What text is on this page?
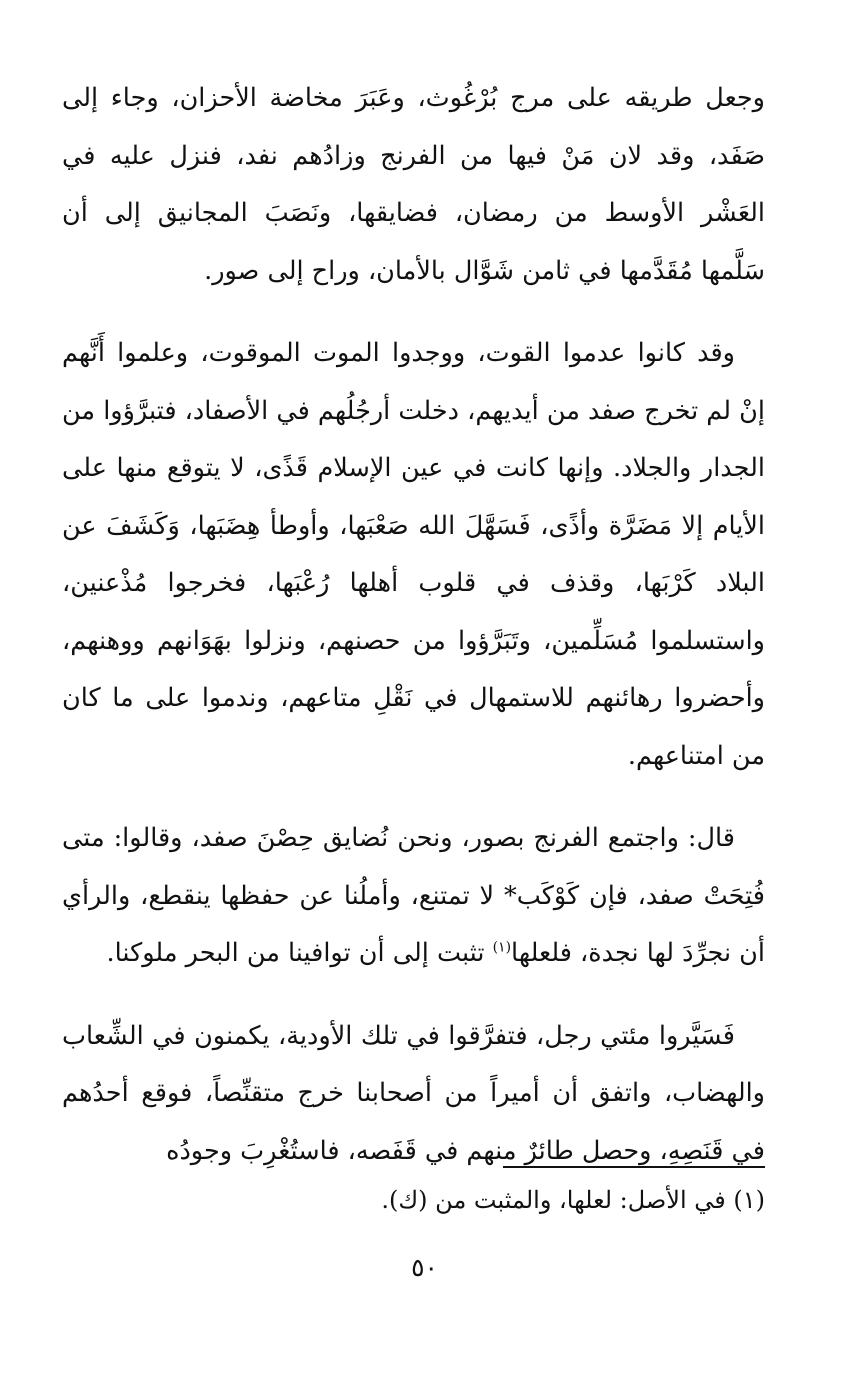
وجعل طريقه على مرج بُرْغُوث، وعَبَرَ مخاضة الأحزان، وجاء إلى صَفَد، وقد لان مَنْ فيها من الفرنج وزادُهم نفد، فنزل عليه في العَشْر الأوسط من رمضان، فضايقها، ونَصَبَ المجانيق إلى أن سَلَّمها مُقَدَّمها في ثامن شَوَّال بالأمان، وراح إلى صور.

وقد كانوا عدموا القوت، ووجدوا الموت الموقوت، وعلموا أَنَّهم إنْ لم تخرج صفد من أيديهم، دخلت أرجُلُهم في الأصفاد، فتبرَّؤوا من الجدار والجلاد. وإنها كانت في عين الإسلام قَذًى، لا يتوقع منها على الأيام إلا مَضَرَّة وأذًى، فَسَهَّلَ الله صَعْبَها، وأوطأ هِضَبَها، وَكَشَفَ عن البلاد كَرْبَها، وقذف في قلوب أهلها رُعْبَها، فخرجوا مُذْعنين، واستسلموا مُسَلِّمين، وتَبَرَّؤوا من حصنهم، ونزلوا بهَوَانهم ووهنهم، وأحضروا رهائنهم للاستمهال في نَقْلِ متاعهم، وندموا على ما كان من امتناعهم.

قال: واجتمع الفرنج بصور، ونحن نُضايق حِصْنَ صفد، وقالوا: متى فُتِحَتْ صفد، فإن كَوْكَب* لا تمتنع، وأملُنا عن حفظها ينقطع، والرأي أن نجرِّدَ لها نجدة، فلعلها$^{(١)}$ تثبت إلى أن توافينا من البحر ملوكنا.

فَسَيَّروا مئتي رجل، فتفرَّقوا في تلك الأودية، يكمنون في الشِّعاب والهضاب، واتفق أن أميراً من أصحابنا خرج متقنِّصاً، فوقع أحدُهم في قَنَصِهِ، وحصل طائرٌ منهم في قَفَصه، فاستُغْرِبَ وجودُه

(١) في الأصل: لعلها، والمثبت من (ك).
٥٠
